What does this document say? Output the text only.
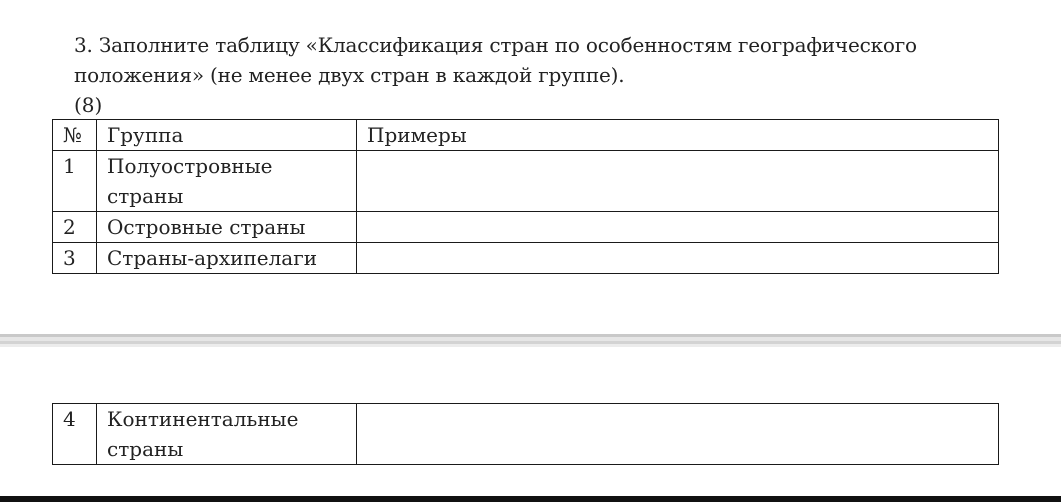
3. Заполните таблицу «Классификация стран по особенностям географического
положения» (не менее двух стран в каждой группе).
(8)
№	Группа	Примеры
1	Полуостровные
страны	

2	Островные страны	
3	Страны-архипелаги	
4	Континентальные
страны
